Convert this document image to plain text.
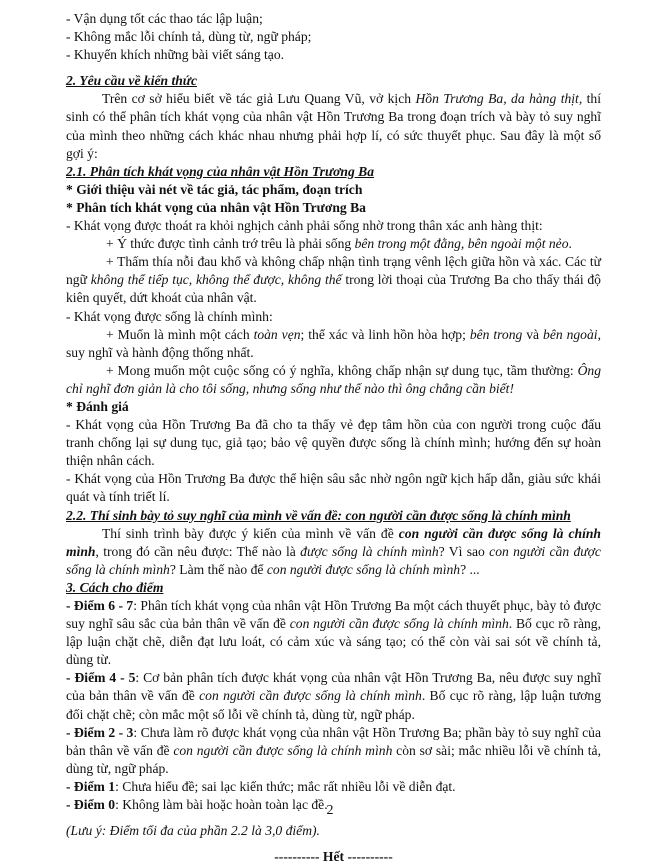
- Vận dụng tốt các thao tác lập luận;

- Không mắc lỗi chính tả, dùng từ, ngữ pháp;

- Khuyến khích những bài viết sáng tạo.

2. Yêu cầu về kiến thức

Trên cơ sở hiểu biết về tác giả Lưu Quang Vũ, vở kịch Hồn Trương Ba, da hàng thịt, thí sinh có thể phân tích khát vọng của nhân vật Hồn Trương Ba trong đoạn trích và bày tỏ suy nghĩ của mình theo những cách khác nhau nhưng phải hợp lí, có sức thuyết phục. Sau đây là một số gợi ý:

2.1. Phân tích khát vọng của nhân vật Hồn Trương Ba

* Giới thiệu vài nét về tác giả, tác phẩm, đoạn trích

* Phân tích khát vọng của nhân vật Hồn Trương Ba

- Khát vọng được thoát ra khỏi nghịch cảnh phải sống nhờ trong thân xác anh hàng thịt:

+ Ý thức được tình cảnh trớ trêu là phải sống bên trong một đằng, bên ngoài một nẻo.

+ Thấm thía nỗi đau khổ và không chấp nhận tình trạng vênh lệch giữa hồn và xác. Các từ ngữ không thể tiếp tục, không thể được, không thể trong lời thoại của Trương Ba cho thấy thái độ kiên quyết, dứt khoát của nhân vật.

- Khát vọng được sống là chính mình:

+ Muốn là mình một cách toàn vẹn; thể xác và linh hồn hòa hợp; bên trong và bên ngoài, suy nghĩ và hành động thống nhất.

+ Mong muốn một cuộc sống có ý nghĩa, không chấp nhận sự dung tục, tầm thường: Ông chỉ nghĩ đơn giản là cho tôi sống, nhưng sống như thế nào thì ông chẳng cần biết!

* Đánh giá

- Khát vọng của Hồn Trương Ba đã cho ta thấy vẻ đẹp tâm hồn của con người trong cuộc đấu tranh chống lại sự dung tục, giả tạo; bảo vệ quyền được sống là chính mình; hướng đến sự hoàn thiện nhân cách.

- Khát vọng của Hồn Trương Ba được thể hiện sâu sắc nhờ ngôn ngữ kịch hấp dẫn, giàu sức khái quát và tính triết lí.

2.2. Thí sinh bày tỏ suy nghĩ của mình về vấn đề: con người cần được sống là chính mình

Thí sinh trình bày được ý kiến của mình về vấn đề con người cần được sống là chính mình, trong đó cần nêu được: Thế nào là được sống là chính mình? Vì sao con người cần được sống là chính mình? Làm thế nào để con người được sống là chính mình? ...

3. Cách cho điểm

- Điểm 6 - 7: Phân tích khát vọng của nhân vật Hồn Trương Ba một cách thuyết phục, bày tỏ được suy nghĩ sâu sắc của bản thân về vấn đề con người cần được sống là chính mình. Bố cục rõ ràng, lập luận chặt chẽ, diễn đạt lưu loát, có cảm xúc và sáng tạo; có thể còn vài sai sót về chính tả, dùng từ.

- Điểm 4 - 5: Cơ bản phân tích được khát vọng của nhân vật Hồn Trương Ba, nêu được suy nghĩ của bản thân về vấn đề con người cần được sống là chính mình. Bố cục rõ ràng, lập luận tương đối chặt chẽ; còn mắc một số lỗi về chính tả, dùng từ, ngữ pháp.

- Điểm 2 - 3: Chưa làm rõ được khát vọng của nhân vật Hồn Trương Ba; phần bày tỏ suy nghĩ của bản thân về vấn đề con người cần được sống là chính mình còn sơ sài; mắc nhiều lỗi về chính tả, dùng từ, ngữ pháp.

- Điểm 1: Chưa hiểu đề; sai lạc kiến thức; mắc rất nhiều lỗi về diễn đạt.

- Điểm 0: Không làm bài hoặc hoàn toàn lạc đề.

(Lưu ý: Điểm tối đa của phần 2.2 là 3,0 điểm).

---------- Hết ----------

2
